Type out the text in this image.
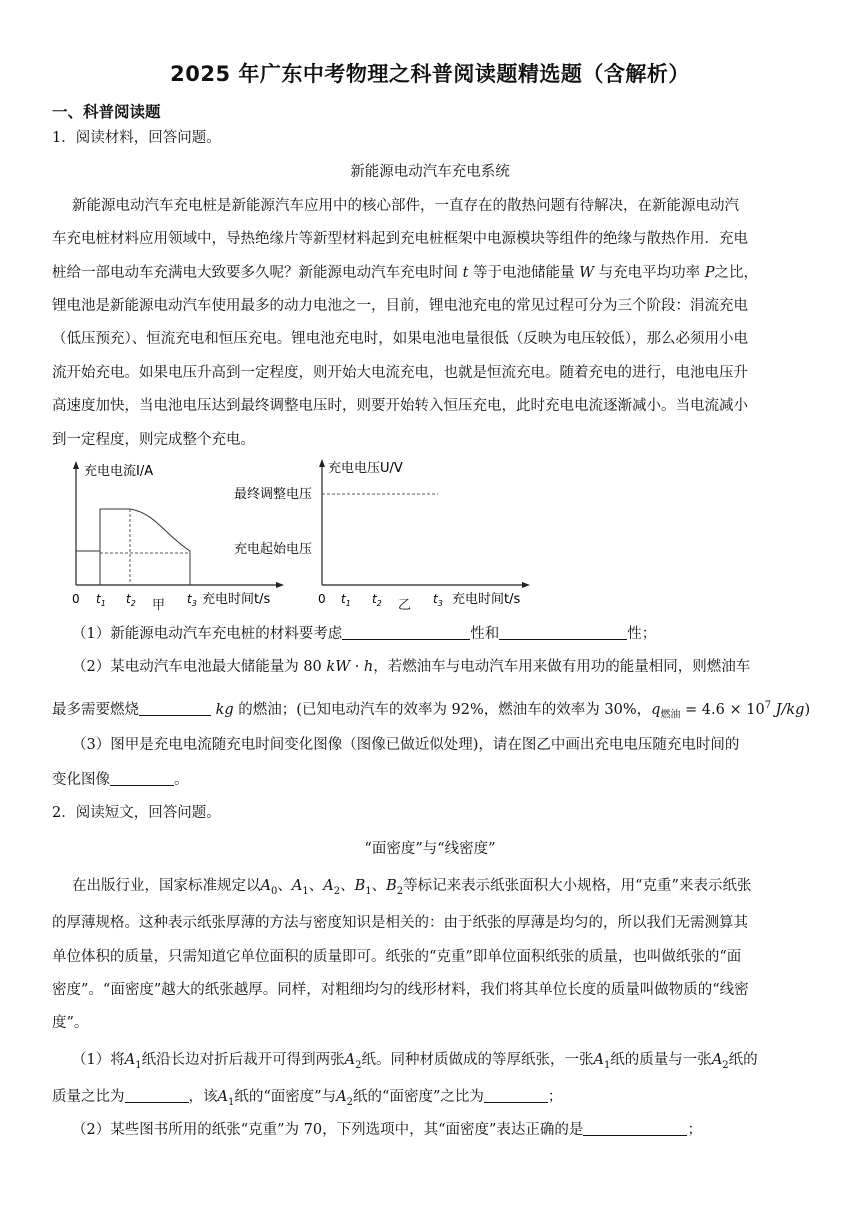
2025 年广东中考物理之科普阅读题精选题（含解析）
一、科普阅读题
1．阅读材料，回答问题。
新能源电动汽车充电系统
新能源电动汽车充电桩是新能源汽车应用中的核心部件，一直存在的散热问题有待解决，在新能源电动汽
车充电桩材料应用领域中，导热绝缘片等新型材料起到充电桩框架中电源模块等组件的绝缘与散热作用．充电
桩给一部电动车充满电大致要多久呢？新能源电动汽车充电时间 t 等于电池储能量 W 与充电平均功率 P之比，
锂电池是新能源电动汽车使用最多的动力电池之一，目前，锂电池充电的常见过程可分为三个阶段：涓流充电
（低压预充）、恒流充电和恒压充电。锂电池充电时，如果电池电量很低（反映为电压较低），那么必须用小电
流开始充电。如果电压升高到一定程度，则开始大电流充电，也就是恒流充电。随着充电的进行，电池电压升
高速度加快，当电池电压达到最终调整电压时，则要开始转入恒压充电，此时充电电流逐渐减小。当电流减小
到一定程度，则完成整个充电。
充电电流I/A
0 $t_1$ $t_2$	$t_3$ 充电时间t/s
甲
充电电压U/V
最终调整电压
充电起始电压
0 $t_1$ $t_2$	$t_3$ 充电时间t/s
乙
（1）新能源电动汽车充电桩的材料要考虑	性和	性；
（2）某电动汽车电池最大储能量为 80 kW · h，若燃油车与电动汽车用来做有用功的能量相同，则燃油车
最多需要燃烧	kg 的燃油；(已知电动汽车的效率为 92%，燃油车的效率为 30%，$q_{燃油} = 4.6 \times 10^7$ J/kg)
（3）图甲是充电电流随充电时间变化图像（图像已做近似处理)，请在图乙中画出充电电压随充电时间的
变化图像	。
2．阅读短文，回答问题。
“面密度”与“线密度”
在出版行业，国家标准规定以$A_0$、$A_1$、$A_2$、$B_1$、$B_2$等标记来表示纸张面积大小规格，用“克重”来表示纸张
的厚薄规格。这种表示纸张厚薄的方法与密度知识是相关的：由于纸张的厚薄是均匀的，所以我们无需测算其
单位体积的质量，只需知道它单位面积的质量即可。纸张的“克重”即单位面积纸张的质量，也叫做纸张的“面
密度”。“面密度”越大的纸张越厚。同样，对粗细均匀的线形材料，我们将其单位长度的质量叫做物质的“线密
度”。
（1）将$A_1$纸沿长边对折后裁开可得到两张$A_2$纸。同种材质做成的等厚纸张，一张$A_1$纸的质量与一张$A_2$纸的
质量之比为	，该$A_1$纸的“面密度”与$A_2$纸的“面密度”之比为	；
（2）某些图书所用的纸张“克重”为 70，下列选项中，其“面密度”表达正确的是	；
